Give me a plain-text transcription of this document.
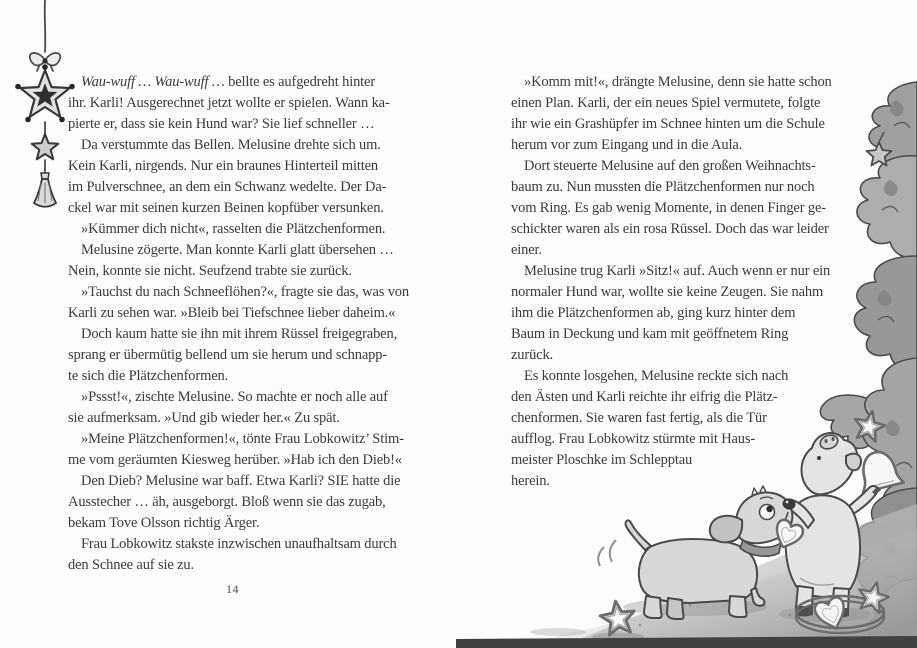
Wau-wuff … Wau-wuff … bellte es aufgedreht hinter
ihr. Karli! Ausgerechnet jetzt wollte er spielen. Wann ka-
pierte er, dass sie kein Hund war? Sie lief schneller …
Da verstummte das Bellen. Melusine drehte sich um.
Kein Karli, nirgends. Nur ein braunes Hinterteil mitten
im Pulverschnee, an dem ein Schwanz wedelte. Der Da-
ckel war mit seinen kurzen Beinen kopfüber versunken.
»Kümmer dich nicht«, rasselten die Plätzchenformen.
Melusine zögerte. Man konnte Karli glatt übersehen …
Nein, konnte sie nicht. Seufzend trabte sie zurück.
»Tauchst du nach Schneeflöhen?«, fragte sie das, was von
Karli zu sehen war. »Bleib bei Tiefschnee lieber daheim.«
Doch kaum hatte sie ihn mit ihrem Rüssel freigegraben,
sprang er übermütig bellend um sie herum und schnapp-
te sich die Plätzchenformen.
»Pssst!«, zischte Melusine. So machte er noch alle auf
sie aufmerksam. »Und gib wieder her.« Zu spät.
»Meine Plätzchenformen!«, tönte Frau Lobkowitz’ Stim-
me vom geräumten Kiesweg herüber. »Hab ich den Dieb!«
Den Dieb? Melusine war baff. Etwa Karli? SIE hatte die
Ausstecher … äh, ausgeborgt. Bloß wenn sie das zugab,
bekam Tove Olsson richtig Ärger.
Frau Lobkowitz stakste inzwischen unaufhaltsam durch
den Schnee auf sie zu.
14
»Komm mit!«, drängte Melusine, denn sie hatte schon
einen Plan. Karli, der ein neues Spiel vermutete, folgte
ihr wie ein Grashüpfer im Schnee hinten um die Schule
herum vor zum Eingang und in die Aula.
Dort steuerte Melusine auf den großen Weihnachts-
baum zu. Nun mussten die Plätzchenformen nur noch
vom Ring. Es gab wenig Momente, in denen Finger ge-
schickter waren als ein rosa Rüssel. Doch das war leider
einer.
Melusine trug Karli »Sitz!« auf. Auch wenn er nur ein
normaler Hund war, wollte sie keine Zeugen. Sie nahm
ihm die Plätzchenformen ab, ging kurz hinter dem
Baum in Deckung und kam mit geöffnetem Ring
zurück.
Es konnte losgehen, Melusine reckte sich nach
den Ästen und Karli reichte ihr eifrig die Plätz-
chenformen. Sie waren fast fertig, als die Tür
aufflog. Frau Lobkowitz stürmte mit Haus-
meister Ploschke im Schlepptau
herein.
